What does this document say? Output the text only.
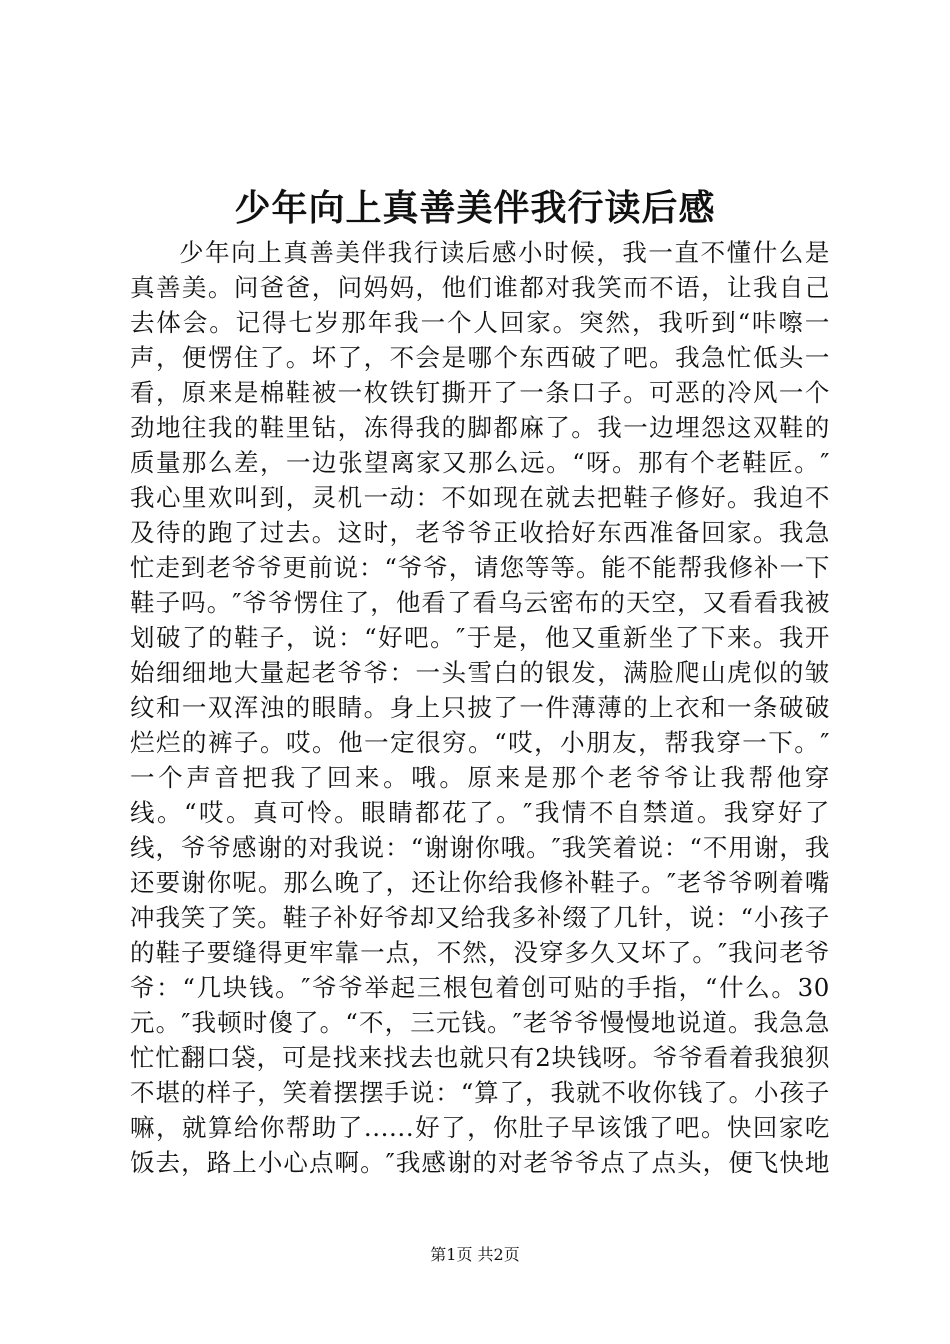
少年向上真善美伴我行读后感

少年向上真善美伴我行读后感小时候，我一直不懂什么是真善美。问爸爸，问妈妈，他们谁都对我笑而不语，让我自己去体会。记得七岁那年我一个人回家。突然，我听到“咔嚓一声，便愣住了。坏了，不会是哪个东西破了吧。我急忙低头一看，原来是棉鞋被一枚铁钉撕开了一条口子。可恶的冷风一个劲地往我的鞋里钻，冻得我的脚都麻了。我一边埋怨这双鞋的质量那么差，一边张望离家又那么远。“呀。那有个老鞋匠。″我心里欢叫到，灵机一动：不如现在就去把鞋子修好。我迫不及待的跑了过去。这时，老爷爷正收拾好东西准备回家。我急忙走到老爷爷更前说：“爷爷，请您等等。能不能帮我修补一下鞋子吗。″爷爷愣住了，他看了看乌云密布的天空，又看看我被划破了的鞋子，说：“好吧。″于是，他又重新坐了下来。我开始细细地大量起老爷爷：一头雪白的银发，满脸爬山虎似的皱纹和一双浑浊的眼睛。身上只披了一件薄薄的上衣和一条破破烂烂的裤子。哎。他一定很穷。“哎，小朋友，帮我穿一下。″一个声音把我了回来。哦。原来是那个老爷爷让我帮他穿线。“哎。真可怜。眼睛都花了。″我情不自禁道。我穿好了线，爷爷感谢的对我说：“谢谢你哦。″我笑着说：“不用谢，我还要谢你呢。那么晚了，还让你给我修补鞋子。″老爷爷咧着嘴冲我笑了笑。鞋子补好爷却又给我多补缀了几针，说：“小孩子的鞋子要缝得更牢靠一点，不然，没穿多久又坏了。″我问老爷爷：“几块钱。″爷爷举起三根包着创可贴的手指，“什么。30元。″我顿时傻了。“不，三元钱。″老爷爷慢慢地说道。我急急忙忙翻口袋，可是找来找去也就只有2块钱呀。爷爷看着我狼狈不堪的样子，笑着摆摆手说：“算了，我就不收你钱了。小孩子嘛，就算给你帮助了......好了，你肚子早该饿了吧。快回家吃饭去，路上小心点啊。″我感谢的对老爷爷点了点头，便飞快地

第1页 共2页
